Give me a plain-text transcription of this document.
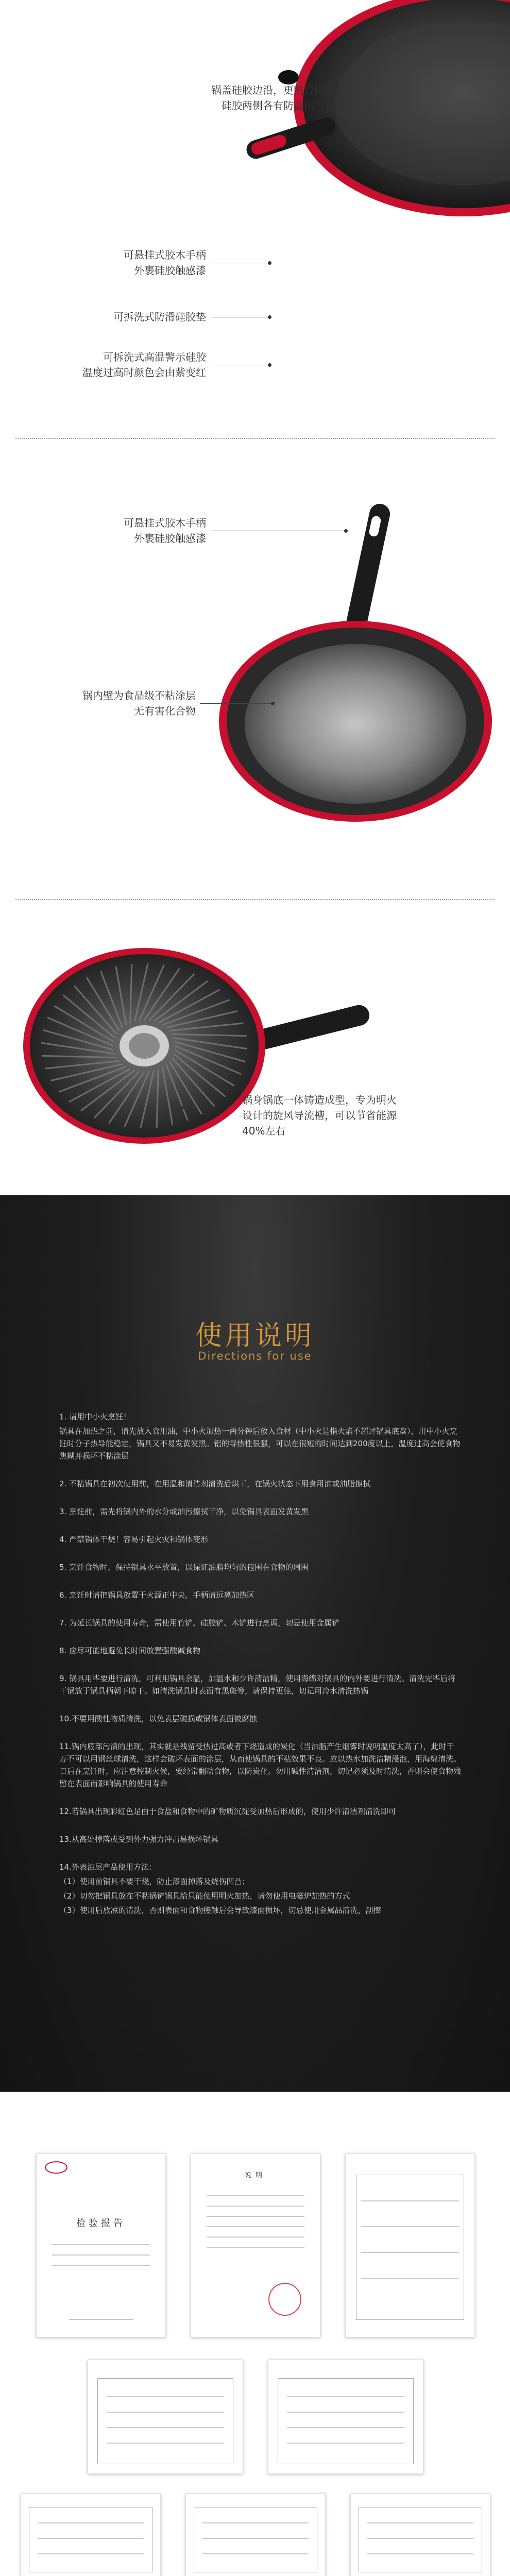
锅盖硅胶边沿，更贴合锅体
硅胶两侧各有防溢出气孔
可悬挂式胶木手柄
外裹硅胶触感漆
可拆洗式防滑硅胶垫
可拆洗式高温警示硅胶
温度过高时颜色会由紫变红
可悬挂式胶木手柄
外裹硅胶触感漆
锅内壁为食品级不粘涂层
无有害化合物
锅身锅底一体铸造成型，专为明火
设计的旋风导流槽，可以节省能源
40%左右
使用说明
Directions for use

1. 请用中小火烹饪！

锅具在加热之前，请先放入食用油，中小火加热一两分钟后放入食材（中小火是指火焰不超过锅具底盘），用中小火烹饪时分子热导能稳定，锅具又不易发黄发黑。铝的导热性很强，可以在很短的时间达到200度以上，温度过高会使食物焦糊并损坏不粘涂层

2. 不粘锅具在初次使用前，在用温和清洁剂清洗后烘干，在锅火状态下用食用油或油脂擦拭

3. 烹饪前，需先将锅内外的水分或油污擦拭干净，以免锅具表面发黄发黑

4. 严禁锅体干烧！容易引起火灾和锅体变形

5. 烹饪食物时，保持锅具水平放置，以保证油脂均匀的包围在食物的周围

6. 烹饪时请把锅具放置于火源正中央，手柄请远离加热区

7. 为延长锅具的使用寿命，需使用竹铲、硅胶铲、木铲进行烹调，切忌使用金属铲

8. 应尽可能地避免长时间放置强酸碱食物

9. 锅具用毕要进行清洗，可利用锅具余温，加温水和少许清洁精，使用海绵对锅具的内外要进行清洗。清洗完毕后将干锅放于锅具柄朝下晾干。如清洗锅具时表面有黑斑等，请保持更佳，切记用冷水清洗热锅

10.不要用酸性物质清洗，以免表层破损或锅体表面被腐蚀

11.锅内底部污渍的出现，其实就是残留受热过高或者下烧造成的炭化（当油脂产生烟雾时说明温度太高了），此时千万不可以用钢丝球清洗，这样会破坏表面的涂层，从而使锅具的不粘效果不良。应以热水加洗洁精浸泡，用海绵清洗。日后在烹饪时，应注意控制火候，要经常翻动食物，以防炭化。勿用碱性清洁剂，切记必须及时清洗，否则会使食物残留在表面而影响锅具的使用寿命

12.若锅具出现彩虹色是由于食盐和食物中的矿物质沉淀受加热后形成的，使用少许清洁剂清洗即可

13.从高处掉落或受到外力强力冲击易损坏锅具

14.外表油层产品使用方法：

（1）使用前锅具不要干烧，防止漆面掉落及烧伤凹凸；

（2）切勿把锅具放在不粘锅铲锅具给只能使用明火加热，请勿使用电磁炉加热的方式

（3）使用后放凉的清洗，否则表面和食物接触后会导致漆面损坏，切忌使用金属品清洗，刮擦

检验报告
说明
